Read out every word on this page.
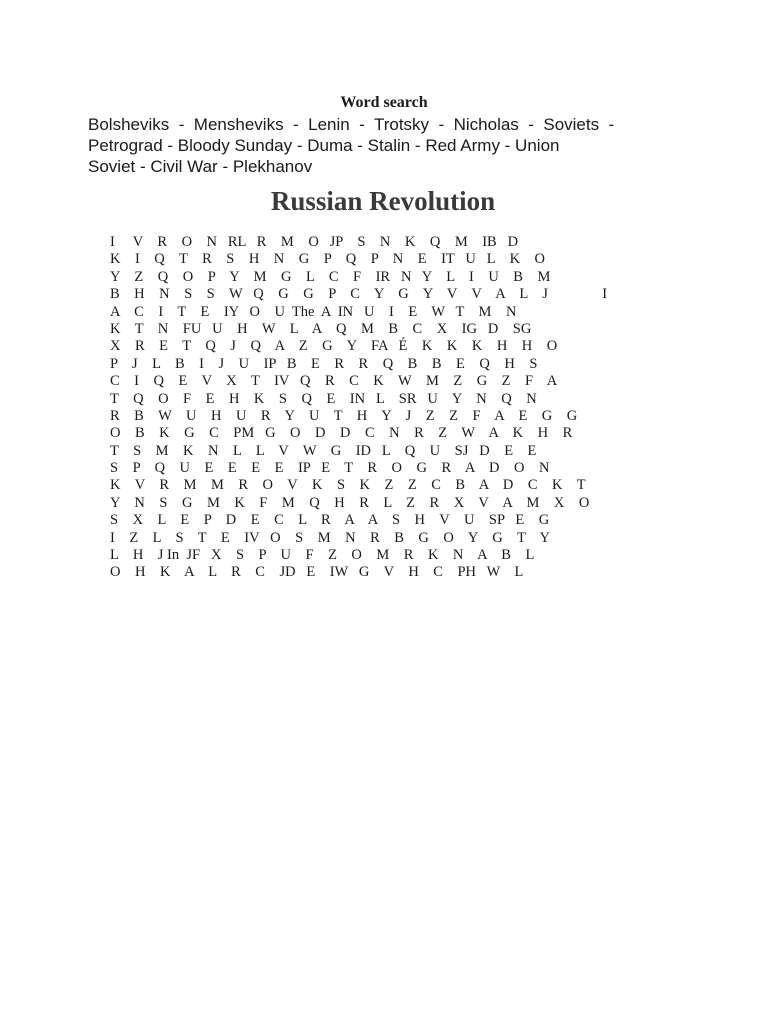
Word search
Bolsheviks  -  Mensheviks  -  Lenin  -  Trotsky  -  Nicholas  -  Soviets  -
Petrograd - Bloody Sunday - Duma - Stalin - Red Army - Union
Soviet - Civil War - Plekhanov
Russian Revolution
I     V    R    O    N   RL   R    M    O   JP    S    N    K    Q    M    IB   D
K    I    Q    T    R    S    H    N    G    P    Q    P    N    E    IT   U   L    K    O
Y    Z    Q    O    P    Y    M    G    L    C    F    IR   N   Y    L    I    U    B    M
B    H    N    S    S    W   Q    G    G    P    C    Y    G    Y    V    V    A    L    J               I
A    C    I    T    E    IY   O    U  The  A  IN   U    I    E    W   T    M    N
K    T    N    FU   U    H    W    L    A    Q    M    B    C    X    IG   D    SG
X    R    E    T    Q    J    Q    A    Z    G    Y    FA   É    K    K    K    H    H    O
P    J    L    B    I    J    U    IP   B    E    R    R    Q    B    B    E    Q    H    S
C    I    Q    E    V    X    T    IV   Q    R    C    K    W    M    Z    G    Z    F    A
T    Q    O    F    E    H    K    S    Q    E    IN   L    SR   U    Y    N    Q    N
R    B    W    U    H    U    R    Y    U    T    H    Y    J    Z    Z    F    A    E    G    G
O    B    K    G    C    PM   G    O    D    D    C    N    R    Z    W    A    K    H    R
T    S    M    K    N    L    L    V    W    G    ID   L    Q    U    SJ   D    E    E
S    P    Q    U    E    E    E    E    IP   E    T    R    O    G    R    A    D    O    N
K    V    R    M    M    R    O    V    K    S    K    Z    Z    C    B    A    D    C    K    T
Y    N    S    G    M    K    F    M    Q    H    R    L    Z    R    X    V    A    M    X    O
S    X    L    E    P    D    E    C    L    R    A    A    S    H    V    U    SP   E    G
I    Z    L    S    T    E    IV   O    S    M    N    R    B    G    O    Y    G    T    Y
L    H    J In  JF   X    S    P    U    F    Z    O    M    R    K    N    A    B    L
O    H    K    A    L    R    C    JD   E    IW   G    V    H    C    PH   W    L
